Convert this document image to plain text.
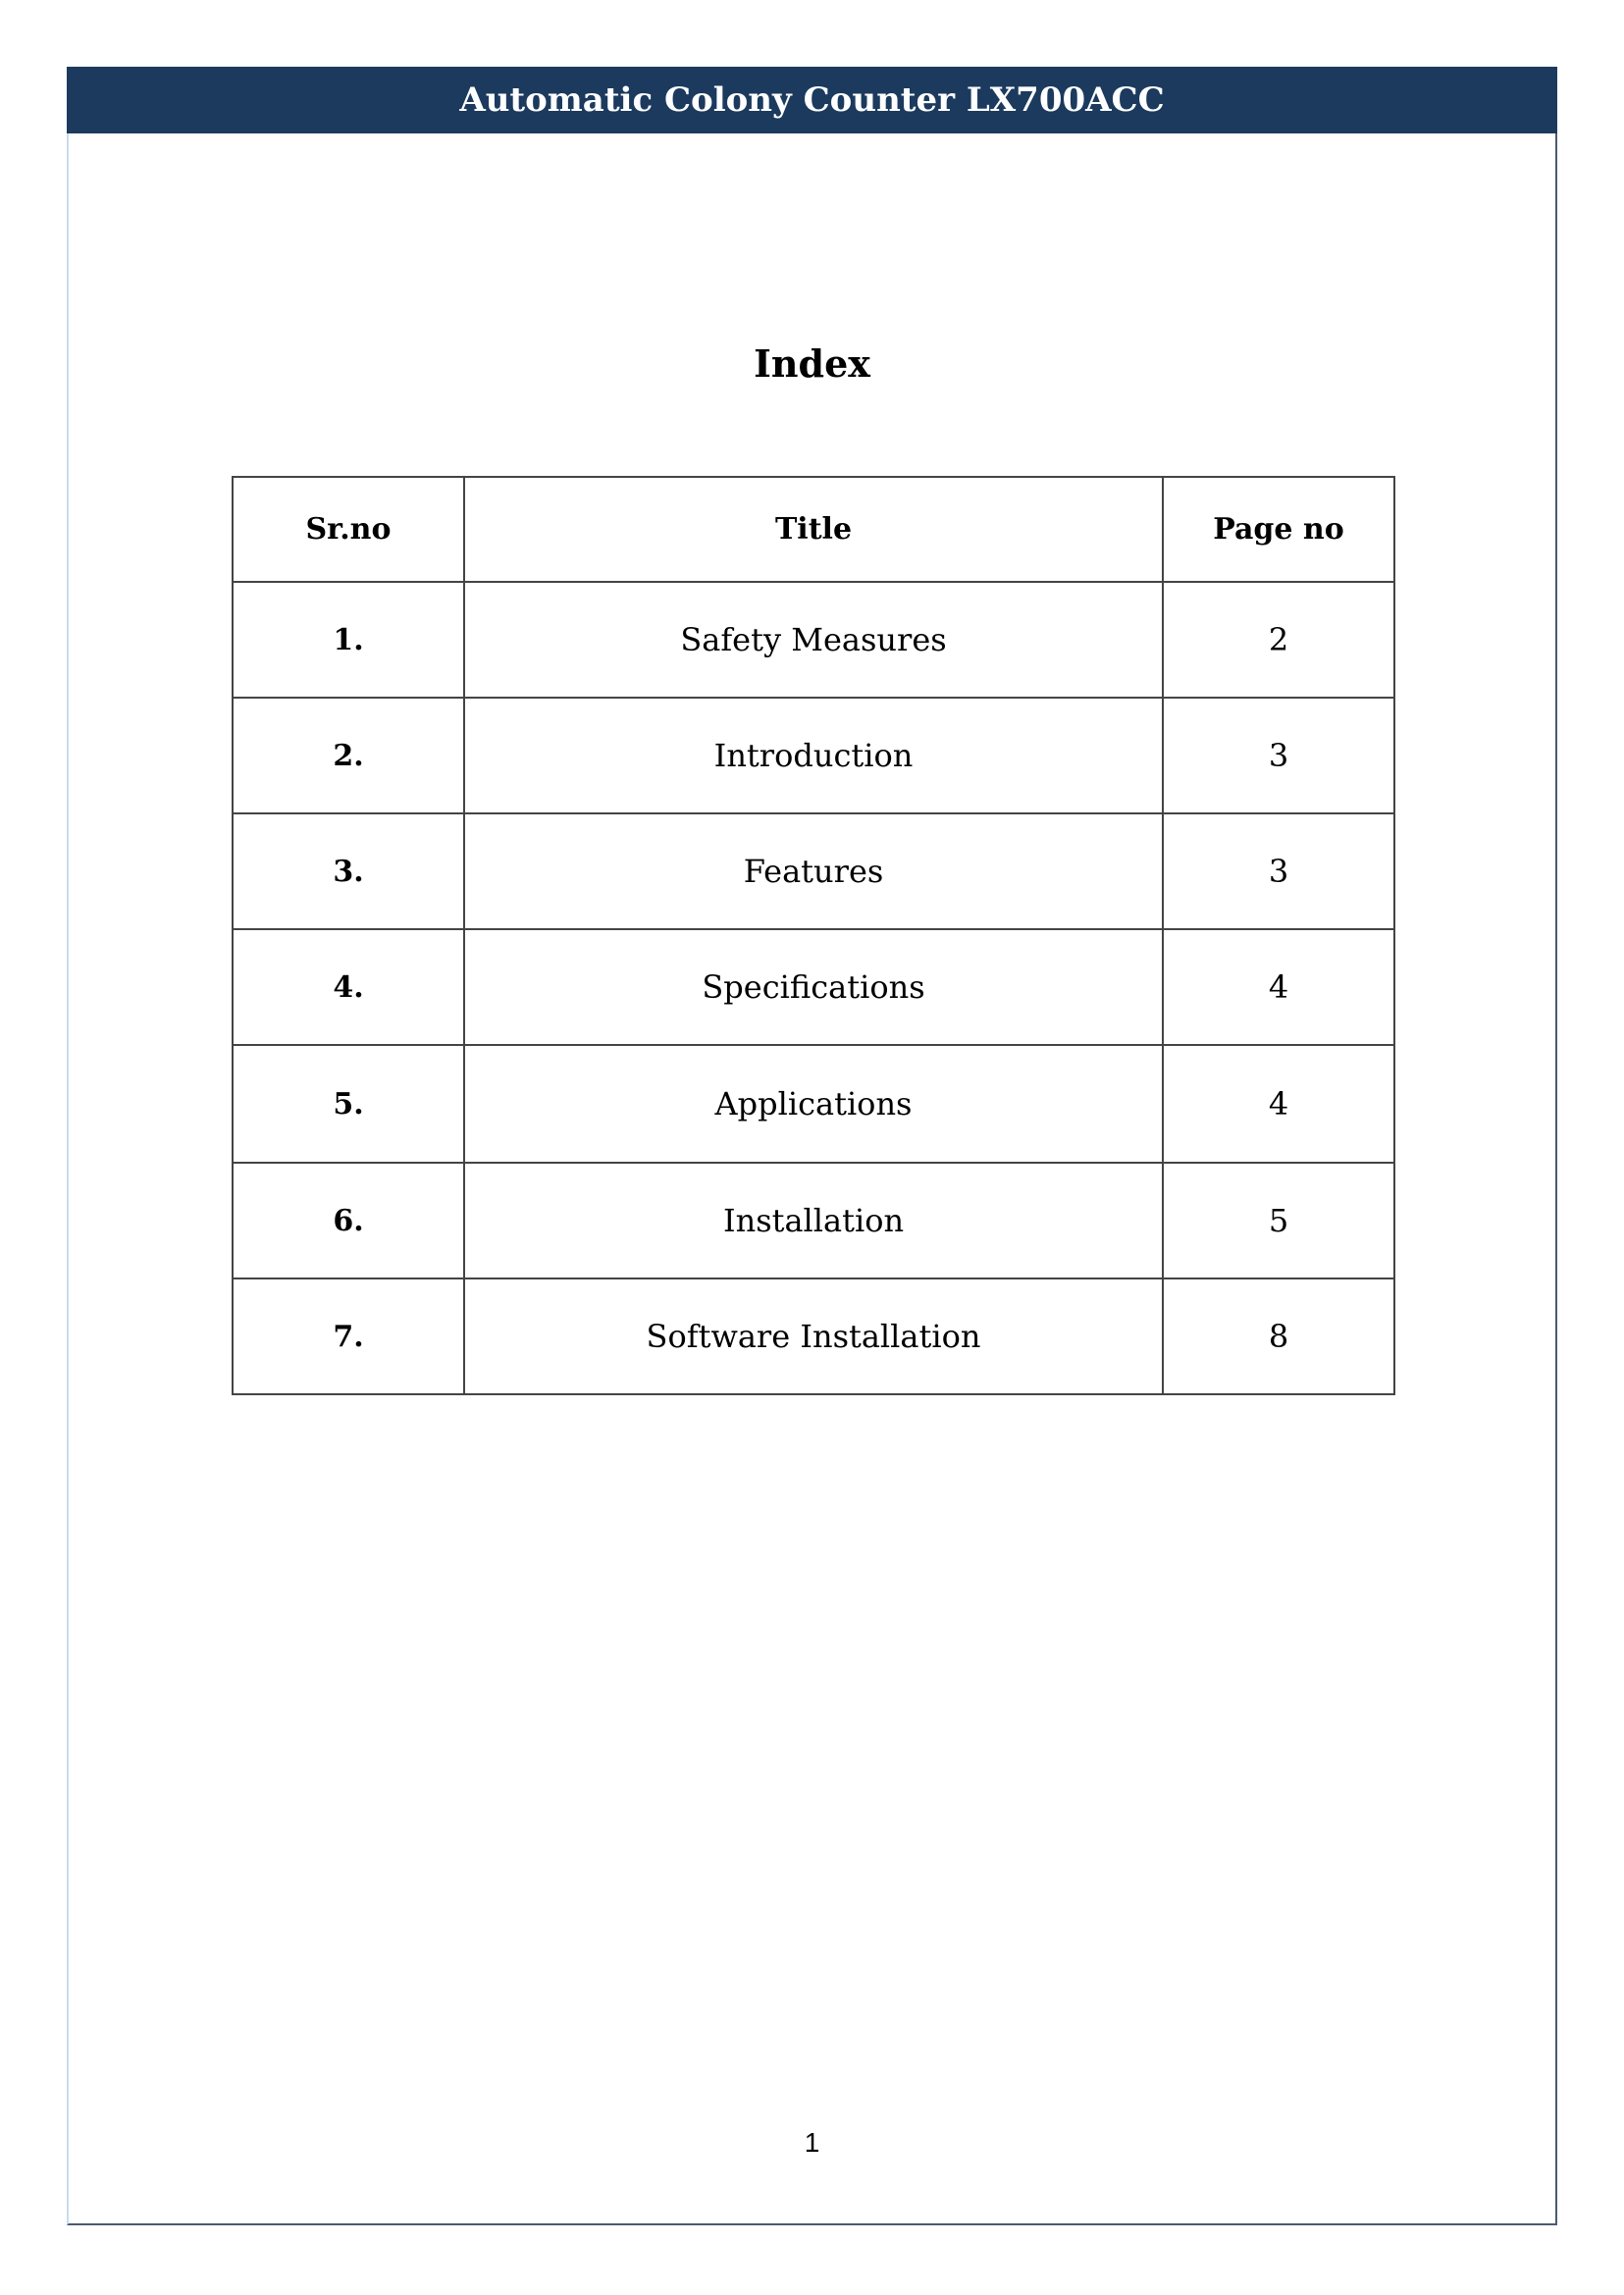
Automatic Colony Counter LX700ACC
Index
Sr.no	Title	Page no
1.	Safety Measures	2
2.	Introduction	3
3.	Features	3
4.	Specifications	4
5.	Applications	4
6.	Installation	5
7.	Software Installation	8
1
